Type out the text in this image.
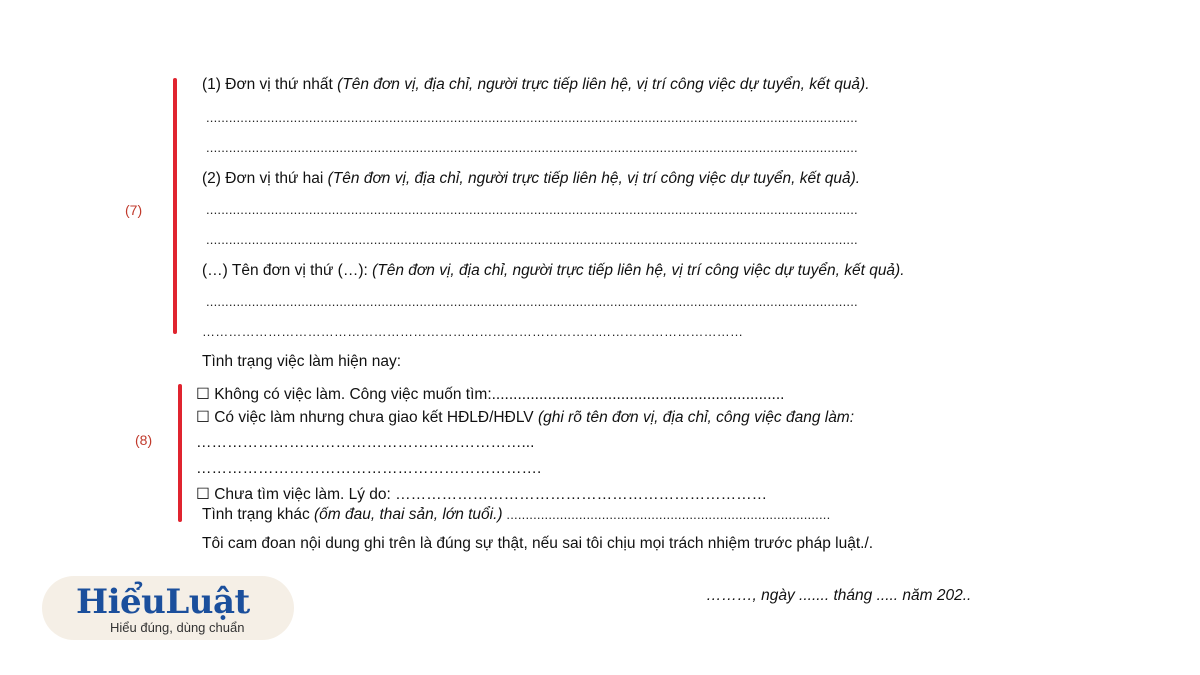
(7)
(1) Đơn vị thứ nhất (Tên đơn vị, địa chỉ, người trực tiếp liên hệ, vị trí công việc dự tuyển, kết quả).
...........................................................................................................................................................................
...........................................................................................................................................................................
(2) Đơn vị thứ hai (Tên đơn vị, địa chỉ, người trực tiếp liên hệ, vị trí công việc dự tuyển, kết quả).
...........................................................................................................................................................................
...........................................................................................................................................................................
(…) Tên đơn vị thứ (…): (Tên đơn vị, địa chỉ, người trực tiếp liên hệ, vị trí công việc dự tuyển, kết quả).
...........................................................................................................................................................................
……………………………………………………………………………………………………………
Tình trạng việc làm hiện nay:
(8)
☐ Không có việc làm. Công việc muốn tìm:....................................................................
☐ Có việc làm nhưng chưa giao kết HĐLĐ/HĐLV (ghi rõ tên đơn vị, địa chỉ, công việc đang làm:
………………………………………………………...
………………………………………………………….
☐ Chưa tìm việc làm. Lý do: ………………………………………………………………
Tình trạng khác (ốm đau, thai sản, lớn tuổi.) .....................................................................................
Tôi cam đoan nội dung ghi trên là đúng sự thật, nếu sai tôi chịu mọi trách nhiệm trước pháp luật./.
………, ngày ....... tháng ..... năm 202..
HiểuLuật
Hiểu đúng, dùng chuẩn
